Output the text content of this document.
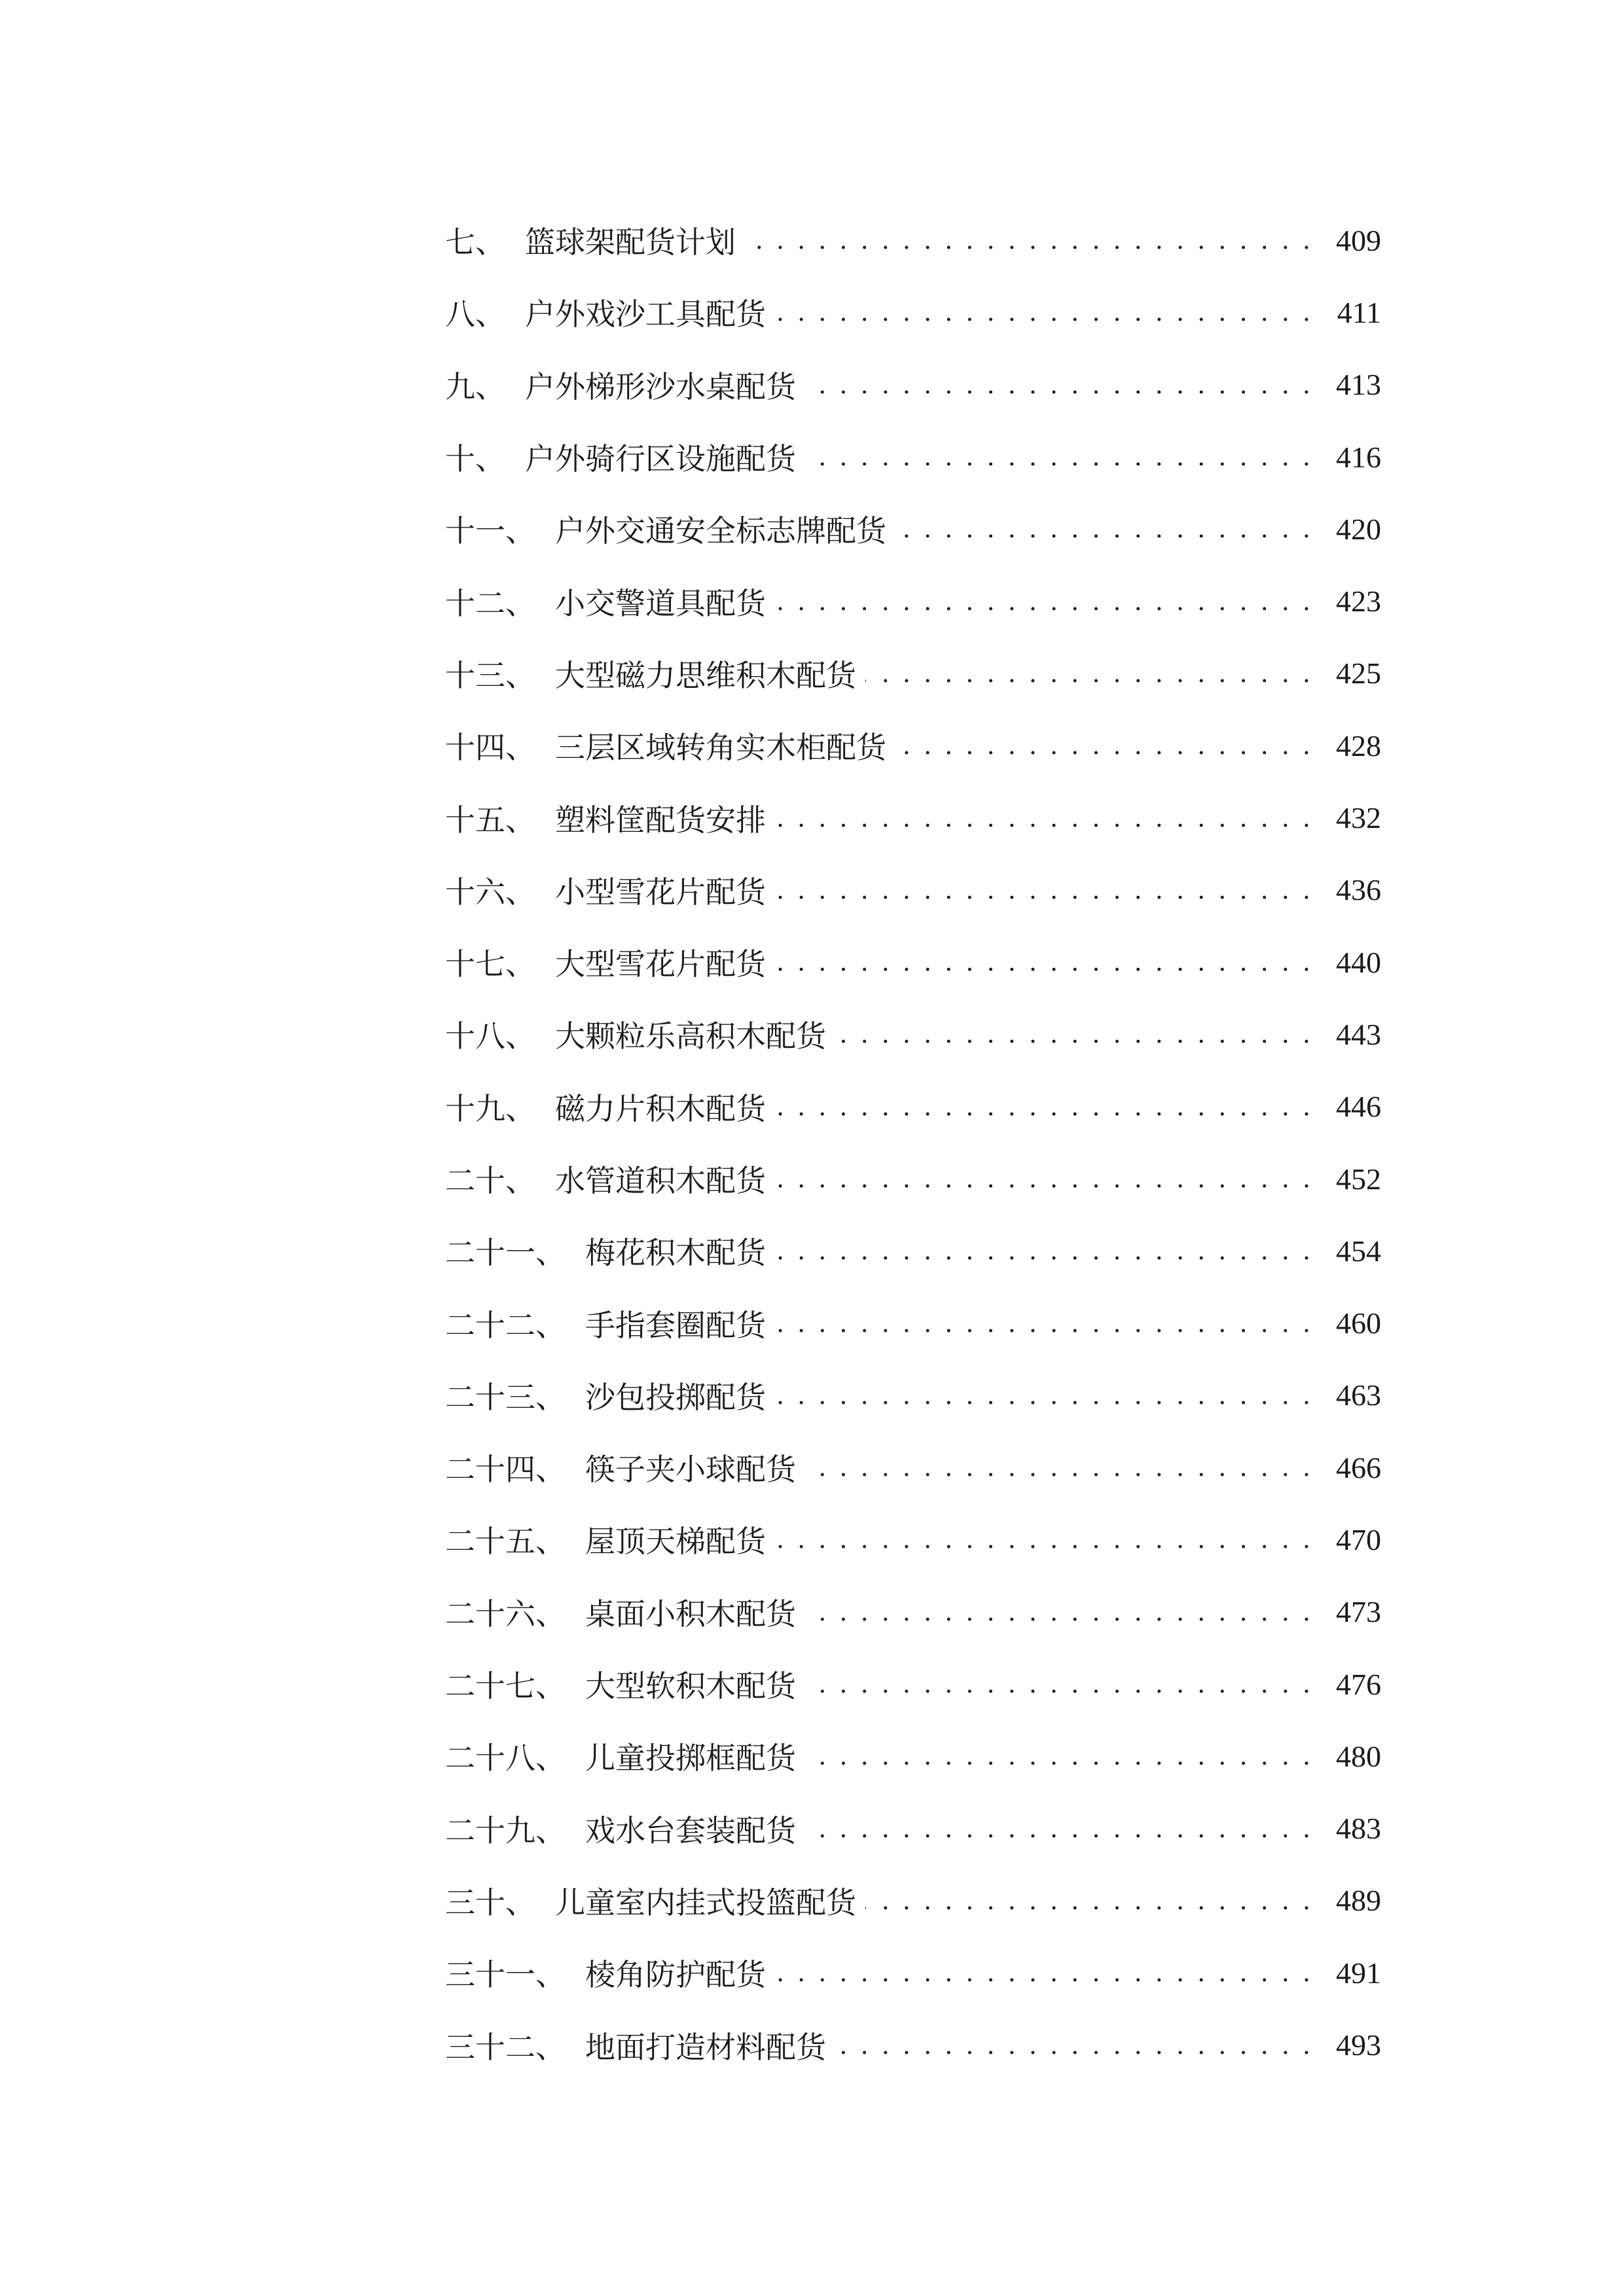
七、 篮球架配货计划 . . .	409
八、 户外戏沙工具配货 . . .	411
九、 户外梯形沙水桌配货 . . .	413
十、 户外骑行区设施配货 . . .	416
十一、 户外交通安全标志牌配货 . . .	420
十二、 小交警道具配货 . . .	423
十三、 大型磁力思维积木配货 . . .	425
十四、 三层区域转角实木柜配货 . . .	428
十五、 塑料筐配货安排 . . .	432
十六、 小型雪花片配货 . . .	436
十七、 大型雪花片配货 . . .	440
十八、 大颗粒乐高积木配货 . . .	443
十九、 磁力片积木配货 . . .	446
二十、 水管道积木配货 . . .	452
二十一、 梅花积木配货 . . .	454
二十二、 手指套圈配货 . . .	460
二十三、 沙包投掷配货 . . .	463
二十四、 筷子夹小球配货 . . .	466
二十五、 屋顶天梯配货 . . .	470
二十六、 桌面小积木配货 . . .	473
二十七、 大型软积木配货 . . .	476
二十八、 儿童投掷框配货 . . .	480
二十九、 戏水台套装配货 . . .	483
三十、 儿童室内挂式投篮配货 . . .	489
三十一、 棱角防护配货 . . .	491
三十二、 地面打造材料配货 . . .	493
